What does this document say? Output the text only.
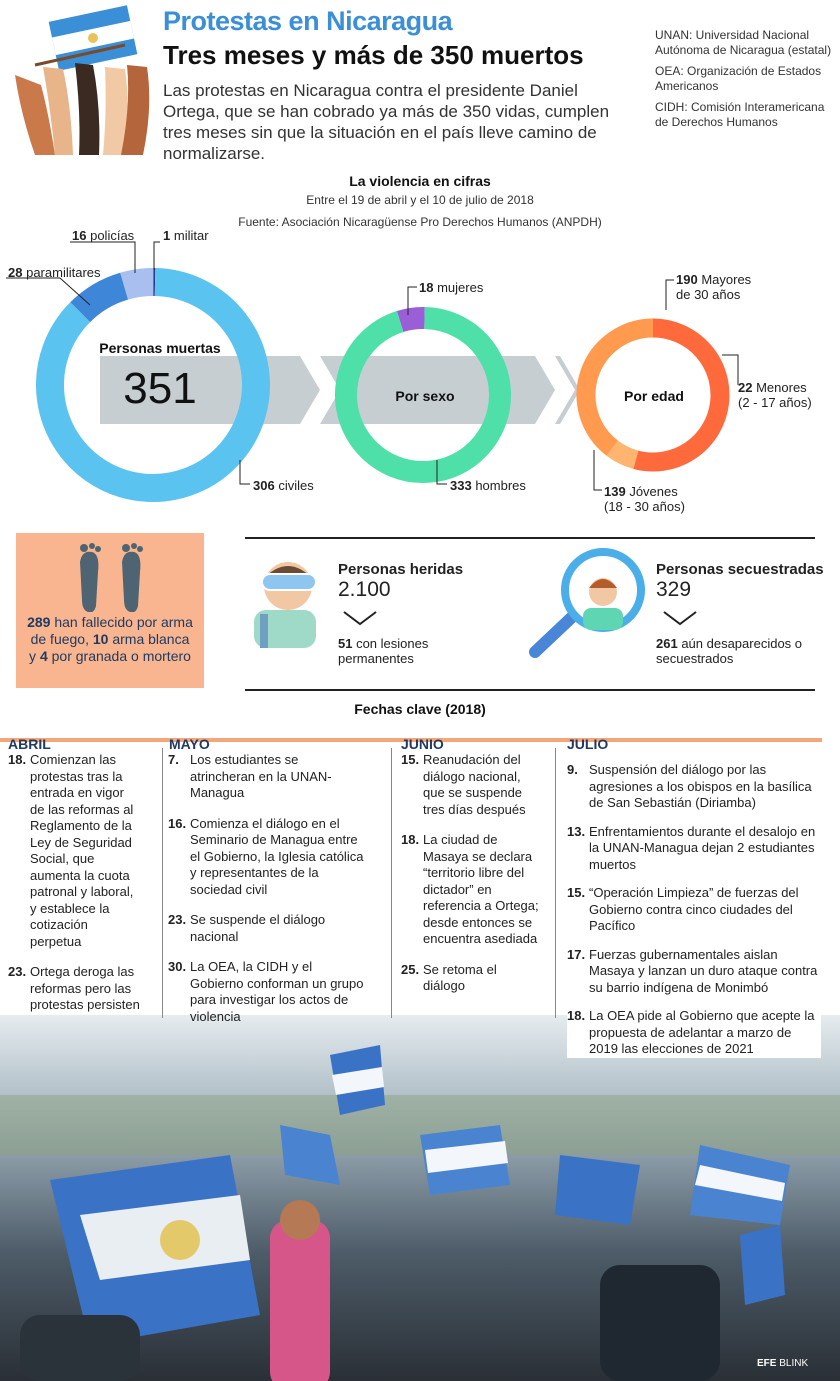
Protestas en Nicaragua
Tres meses y más de 350 muertos
Las protestas en Nicaragua contra el presidente Daniel Ortega, que se han cobrado ya más de 350 vidas, cumplen tres meses sin que la situación en el país lleve camino de normalizarse.
UNAN: Universidad Nacional Autónoma de Nicaragua (estatal)
OEA: Organización de Estados Americanos
CIDH: Comisión Interamericana de Derechos Humanos
La violencia en cifras
Entre el 19 de abril y el 10 de julio de 2018
Fuente: Asociación Nicaragüense Pro Derechos Humanos (ANPDH)
Personas muertas
351	Por sexo	Por edad
16 policías 1 militar
28 paramilitares
306 civiles
18 mujeres
333 hombres
190 Mayores de 30 años
22 Menores
(2 - 17 años)
139 Jóvenes
(18 - 30 años)
289 han fallecido por arma de fuego, 10 arma blanca y 4 por granada o mortero
Personas heridas
2.100
51 con lesiones permanentes
Personas secuestradas
329
261 aún desaparecidos o secuestrados
Fechas clave (2018)
EFE BLINK
ABRIL	MAYO	JUNIO	JULIO
18. Comienzan las protestas tras la entrada en vigor de las reformas al Reglamento de la Ley de Seguridad Social, que aumenta la cuota patronal y laboral, y establece la cotización perpetua
23. Ortega deroga las reformas pero las protestas persisten
7. Los estudiantes se atrincheran en la UNAN-Managua
16. Comienza el diálogo en el Seminario de Managua entre el Gobierno, la Iglesia católica y representantes de la sociedad civil
23. Se suspende el diálogo nacional
30. La OEA, la CIDH y el Gobierno conforman un grupo para investigar los actos de violencia
15. Reanudación del diálogo nacional, que se suspende tres días después
18. La ciudad de Masaya se declara “territorio libre del dictador” en referencia a Ortega; desde entonces se encuentra asediada
25. Se retoma el diálogo
9. Suspensión del diálogo por las agresiones a los obispos en la basílica de San Sebastián (Diriamba)
13. Enfrentamientos durante el desalojo en la UNAN-Managua dejan 2 estudiantes muertos
15. “Operación Limpieza” de fuerzas del Gobierno contra cinco ciudades del Pacífico
17. Fuerzas gubernamentales aislan Masaya y lanzan un duro ataque contra su barrio indígena de Monimbó
18. La OEA pide al Gobierno que acepte la propuesta de adelantar a marzo de 2019 las elecciones de 2021
